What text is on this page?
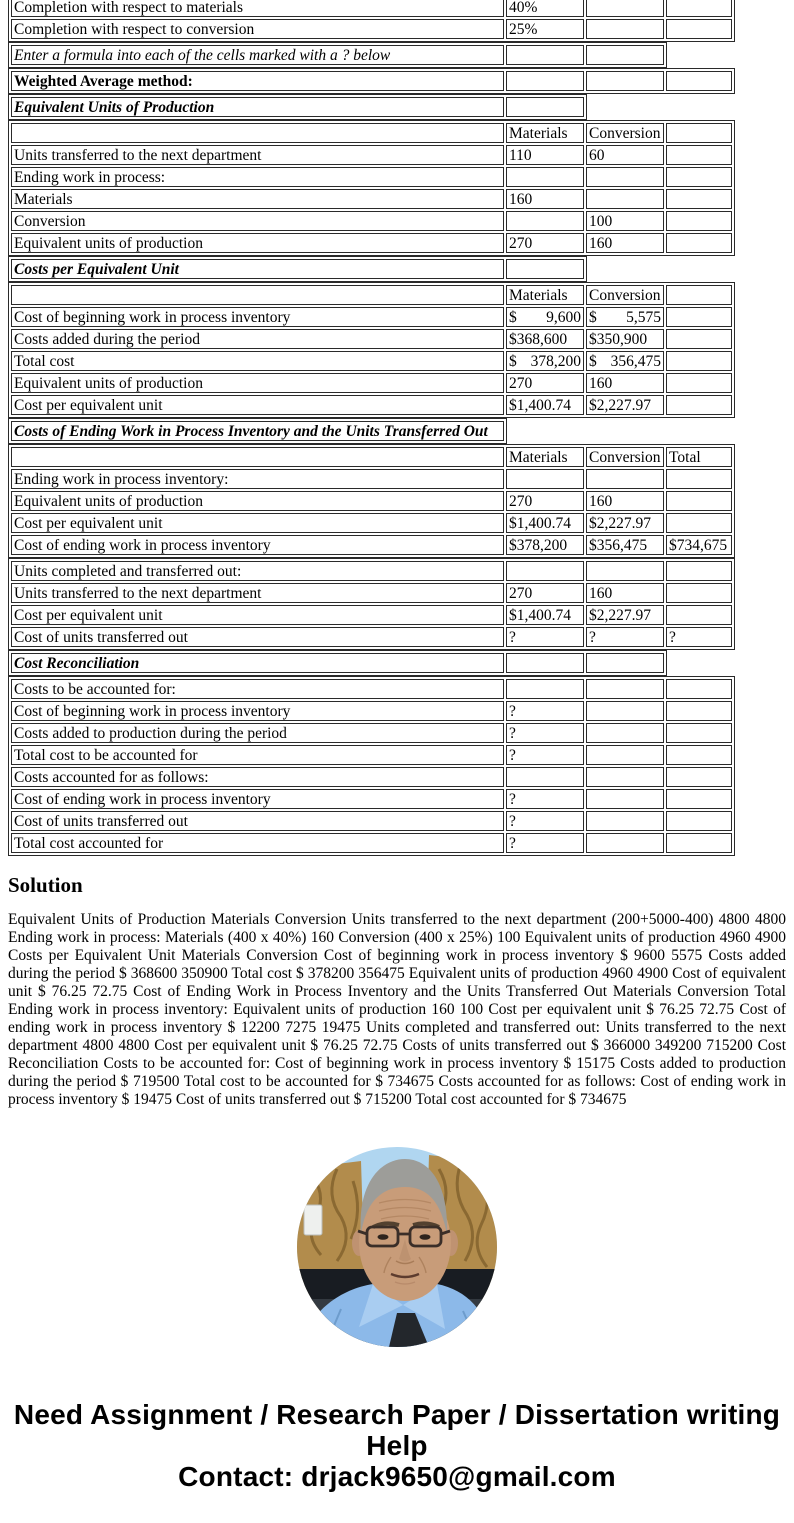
Completion with respect to materials	40%		
Completion with respect to conversion	25%		
Enter a formula into each of the cells marked with a ? below		
Weighted Average method:			
Equivalent Units of Production	
	Materials	Conversion	
Units transferred to the next department	110	60	
Ending work in process:			
Materials	160		
Conversion		100	
Equivalent units of production	270	160	
Costs per Equivalent Unit	
	Materials	Conversion	
Cost of beginning work in process inventory	$ 9,600	$ 5,575	

Costs added during the period	$368,600	$350,900	
Total cost	$ 378,200	$ 356,475	

Equivalent units of production	270	160	
Cost per equivalent unit	$1,400.74	$2,227.97	
Costs of Ending Work in Process Inventory and the Units Transferred Out
	Materials	Conversion	Total
Ending work in process inventory:			
Equivalent units of production	270	160	
Cost per equivalent unit	$1,400.74	$2,227.97	
Cost of ending work in process inventory	$378,200	$356,475	$734,675
Units completed and transferred out:			
Units transferred to the next department	270	160	
Cost per equivalent unit	$1,400.74	$2,227.97	
Cost of units transferred out	?	?	?
Cost Reconciliation		
Costs to be accounted for:			
Cost of beginning work in process inventory	?		
Costs added to production during the period	?		
Total cost to be accounted for	?		
Costs accounted for as follows:			
Cost of ending work in process inventory	?		
Cost of units transferred out	?		
Total cost accounted for	?		
Solution

Equivalent Units of Production Materials Conversion Units transferred to the next department (200+5000-400) 4800 4800 Ending work in process: Materials (400 x 40%) 160 Conversion (400 x 25%) 100 Equivalent units of production 4960 4900 Costs per Equivalent Unit Materials Conversion Cost of beginning work in process inventory $ 9600 5575 Costs added during the period $ 368600 350900 Total cost $ 378200 356475 Equivalent units of production 4960 4900 Cost of equivalent unit $ 76.25 72.75 Cost of Ending Work in Process Inventory and the Units Transferred Out Materials Conversion Total Ending work in process inventory: Equivalent units of production 160 100 Cost per equivalent unit $ 76.25 72.75 Cost of ending work in process inventory $ 12200 7275 19475 Units completed and transferred out: Units transferred to the next department 4800 4800 Cost per equivalent unit $ 76.25 72.75 Costs of units transferred out $ 366000 349200 715200 Cost Reconciliation Costs to be accounted for: Cost of beginning work in process inventory $ 15175 Costs added to production during the period $ 719500 Total cost to be accounted for $ 734675 Costs accounted for as follows: Cost of ending work in process inventory $ 19475 Cost of units transferred out $ 715200 Total cost accounted for $ 734675

Need Assignment / Research Paper / Dissertation writing Help
Contact: drjack9650@gmail.com
